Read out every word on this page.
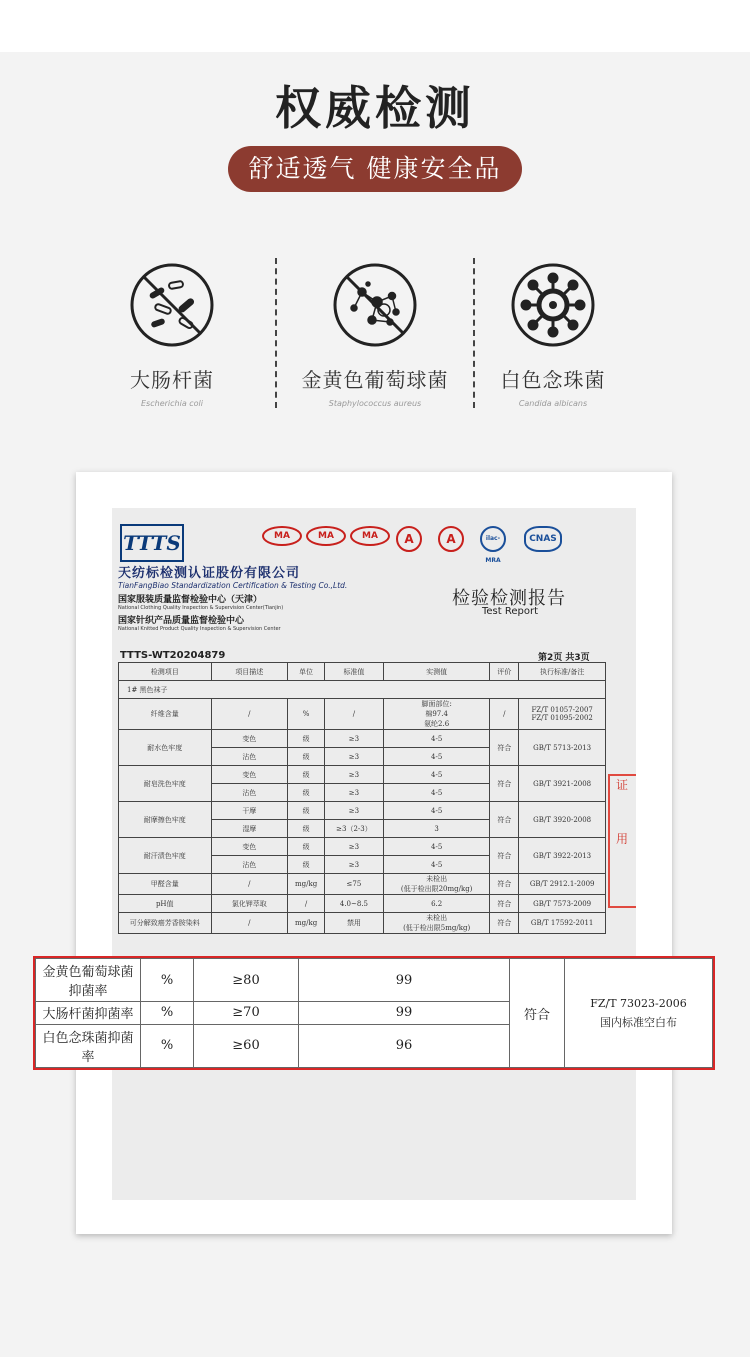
权威检测
舒适透气 健康安全品
大肠杆菌
Escherichia coli
金黄色葡萄球菌
Staphylococcus aureus
白色念珠菌
Candida albicans
TTTS	MA	MA	MA	A	A	ilac-MRA
CNAS
天纺标检测认证股份有限公司
TianFangBiao Standardization Certification & Testing Co.,Ltd.
国家服装质量监督检验中心（天津）
National Clothing Quality Inspection & Supervision Center(Tianjin)
国家针织产品质量监督检验中心
National Knitted Product Quality Inspection & Supervision Center
检验检测报告
Test Report
TTTS-WT20204879	第2页 共3页
检测项目	项目描述	单位	标准值	实测值	评价	执行标准/备注
1# 黑色袜子						
纤维含量	/	%	/	脚面部位:
棉97.4
氨纶2.6	/	FZ/T 01057-2007
FZ/T 01095-2002
耐水色牢度	变色	级	≥3	4-5	符合	GB/T 5713-2013
	沾色	级	≥3	4-5		
耐皂洗色牢度	变色	级	≥3	4-5	符合	GB/T 3921-2008
	沾色	级	≥3	4-5		
耐摩擦色牢度	干摩	级	≥3	4-5	符合	GB/T 3920-2008
	湿摩	级	≥3（2-3）	3		
耐汗渍色牢度	变色	级	≥3	4-5	符合	GB/T 3922-2013
	沾色	级	≥3	4-5		
甲醛含量	/	mg/kg	≤75	未检出
(低于检出限20mg/kg)	符合	GB/T 2912.1-2009
pH值	氯化钾萃取	/	4.0~8.5	6.2	符合	GB/T 7573-2009
可分解致癌芳香胺染料	/	mg/kg	禁用	未检出
(低于检出限5mg/kg)	符合	GB/T 17592-2011
证

用
金黄色葡萄球菌抑菌率	%	≥80	99	符合	FZ/T 73023-2006
国内标准空白布

大肠杆菌抑菌率	%	≥70	99		
白色念珠菌抑菌率	%	≥60	96		
